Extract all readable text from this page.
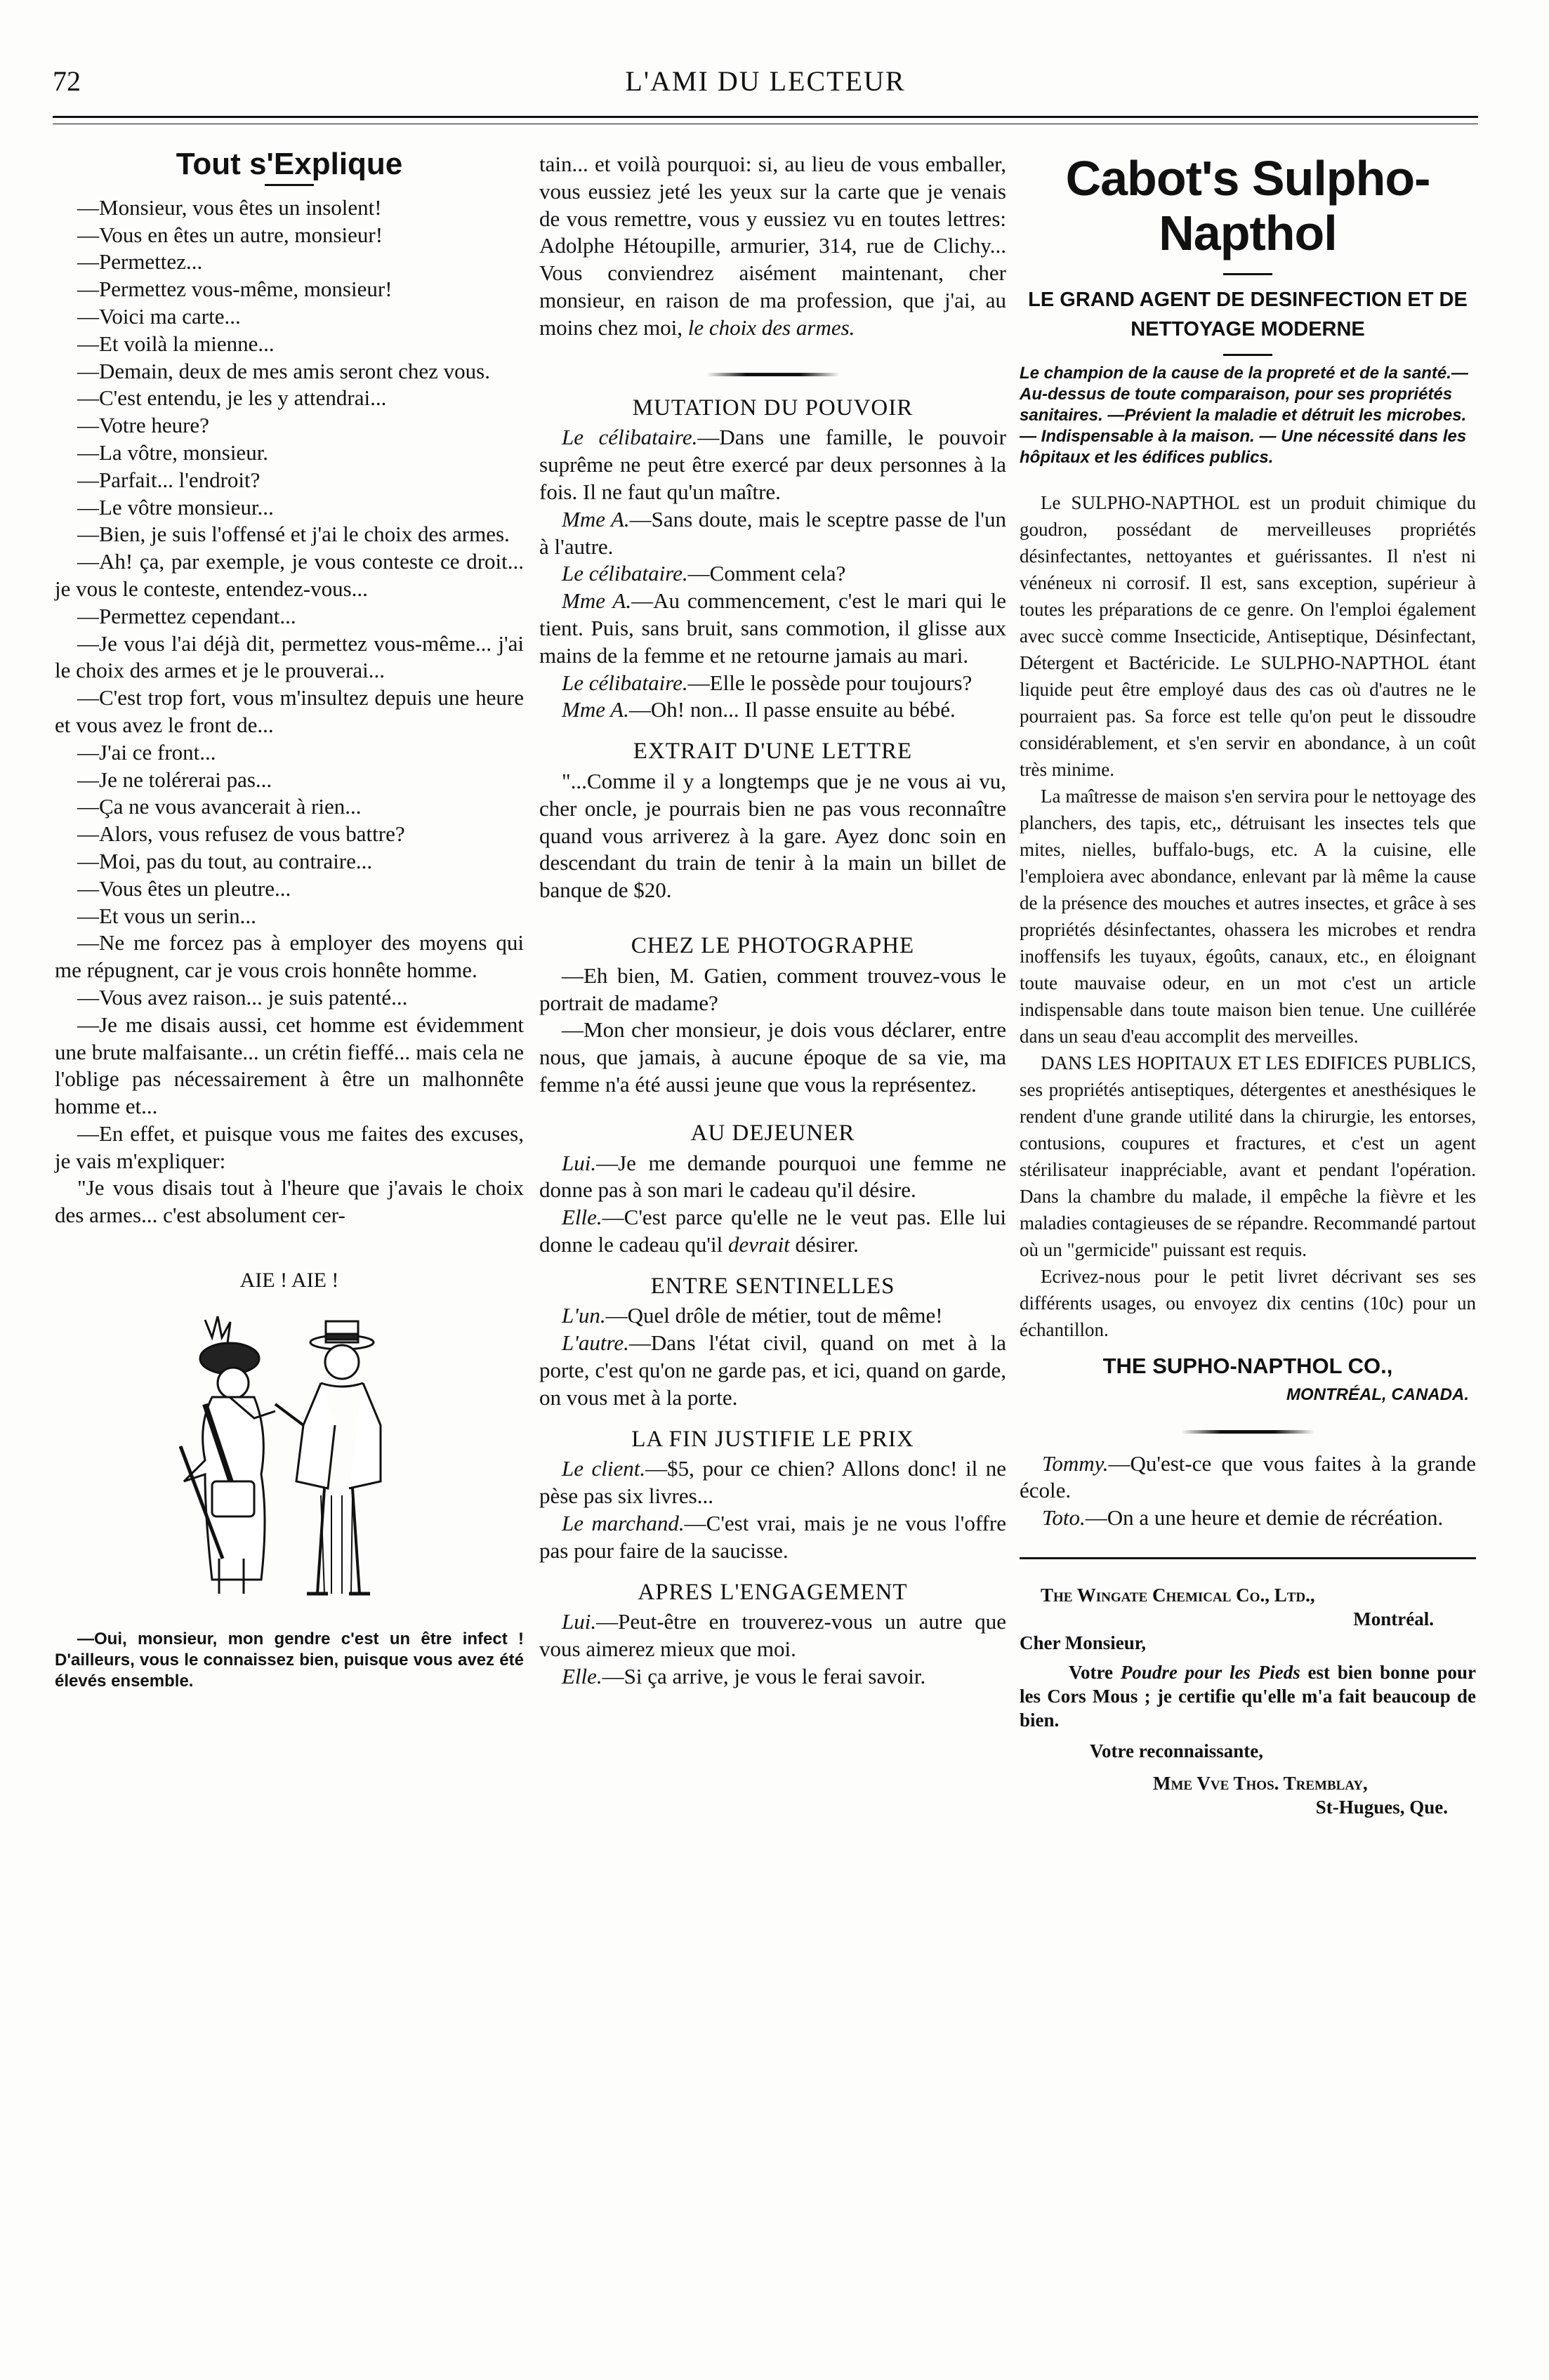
72	L'AMI DU LECTEUR
Tout s'Explique

—Monsieur, vous êtes un insolent!

—Vous en êtes un autre, monsieur!

—Permettez...

—Permettez vous-même, monsieur!

—Voici ma carte...

—Et voilà la mienne...

—Demain, deux de mes amis seront chez vous.

—C'est entendu, je les y attendrai...

—Votre heure?

—La vôtre, monsieur.

—Parfait... l'endroit?

—Le vôtre monsieur...

—Bien, je suis l'offensé et j'ai le choix des armes.

—Ah! ça, par exemple, je vous conteste ce droit... je vous le conteste, entendez-vous...

—Permettez cependant...

—Je vous l'ai déjà dit, permettez vous-même... j'ai le choix des armes et je le prouverai...

—C'est trop fort, vous m'insultez depuis une heure et vous avez le front de...

—J'ai ce front...

—Je ne tolérerai pas...

—Ça ne vous avancerait à rien...

—Alors, vous refusez de vous battre?

—Moi, pas du tout, au contraire...

—Vous êtes un pleutre...

—Et vous un serin...

—Ne me forcez pas à employer des moyens qui me répugnent, car je vous crois honnête homme.

—Vous avez raison... je suis patenté...

—Je me disais aussi, cet homme est évidemment une brute malfaisante... un crétin fieffé... mais cela ne l'oblige pas nécessairement à être un malhonnête homme et...

—En effet, et puisque vous me faites des excuses, je vais m'expliquer:

"Je vous disais tout à l'heure que j'avais le choix des armes... c'est absolument cer-

AIE ! AIE !

—Oui, monsieur, mon gendre c'est un être infect ! D'ailleurs, vous le connaissez bien, puisque vous avez été élevés ensemble.

tain... et voilà pourquoi: si, au lieu de vous emballer, vous eussiez jeté les yeux sur la carte que je venais de vous remettre, vous y eussiez vu en toutes lettres: Adolphe Hétoupille, armurier, 314, rue de Clichy... Vous conviendrez aisément maintenant, cher monsieur, en raison de ma profession, que j'ai, au moins chez moi, le choix des armes.

MUTATION DU POUVOIR

Le célibataire.—Dans une famille, le pouvoir suprême ne peut être exercé par deux personnes à la fois. Il ne faut qu'un maître.

Mme A.—Sans doute, mais le sceptre passe de l'un à l'autre.

Le célibataire.—Comment cela?

Mme A.—Au commencement, c'est le mari qui le tient. Puis, sans bruit, sans commotion, il glisse aux mains de la femme et ne retourne jamais au mari.

Le célibataire.—Elle le possède pour toujours?

Mme A.—Oh! non... Il passe ensuite au bébé.

EXTRAIT D'UNE LETTRE

"...Comme il y a longtemps que je ne vous ai vu, cher oncle, je pourrais bien ne pas vous reconnaître quand vous arriverez à la gare. Ayez donc soin en descendant du train de tenir à la main un billet de banque de $20.

CHEZ LE PHOTOGRAPHE

—Eh bien, M. Gatien, comment trouvez-vous le portrait de madame?

—Mon cher monsieur, je dois vous déclarer, entre nous, que jamais, à aucune époque de sa vie, ma femme n'a été aussi jeune que vous la représentez.

AU DEJEUNER

Lui.—Je me demande pourquoi une femme ne donne pas à son mari le cadeau qu'il désire.

Elle.—C'est parce qu'elle ne le veut pas. Elle lui donne le cadeau qu'il devrait désirer.

ENTRE SENTINELLES

L'un.—Quel drôle de métier, tout de même!

L'autre.—Dans l'état civil, quand on met à la porte, c'est qu'on ne garde pas, et ici, quand on garde, on vous met à la porte.

LA FIN JUSTIFIE LE PRIX

Le client.—$5, pour ce chien? Allons donc! il ne pèse pas six livres...

Le marchand.—C'est vrai, mais je ne vous l'offre pas pour faire de la saucisse.

APRES L'ENGAGEMENT

Lui.—Peut-être en trouverez-vous un autre que vous aimerez mieux que moi.

Elle.—Si ça arrive, je vous le ferai savoir.

Cabot's Sulpho-Napthol
LE GRAND AGENT DE DESINFECTION ET DE NETTOYAGE MODERNE
Le champion de la cause de la propreté et de la santé.—Au-dessus de toute comparaison, pour ses propriétés sanitaires. —Prévient la maladie et détruit les microbes. — Indispensable à la maison. — Une nécessité dans les hôpitaux et les édifices publics.

Le SULPHO-NAPTHOL est un produit chimique du goudron, possédant de merveilleuses propriétés désinfectantes, nettoyantes et guérissantes. Il n'est ni vénéneux ni corrosif. Il est, sans exception, supérieur à toutes les préparations de ce genre. On l'emploi également avec succè comme Insecticide, Antiseptique, Désinfectant, Détergent et Bactéricide. Le SULPHO-NAPTHOL étant liquide peut être employé daus des cas où d'autres ne le pourraient pas. Sa force est telle qu'on peut le dissoudre considérablement, et s'en servir en abondance, à un coût très minime.

La maîtresse de maison s'en servira pour le nettoyage des planchers, des tapis, etc,, détruisant les insectes tels que mites, nielles, buffalo-bugs, etc. A la cuisine, elle l'emploiera avec abondance, enlevant par là même la cause de la présence des mouches et autres insectes, et grâce à ses propriétés désinfectantes, ohassera les microbes et rendra inoffensifs les tuyaux, égoûts, canaux, etc., en éloignant toute mauvaise odeur, en un mot c'est un article indispensable dans toute maison bien tenue. Une cuillérée dans un seau d'eau accomplit des merveilles.

DANS LES HOPITAUX ET LES EDIFICES PUBLICS, ses propriétés antiseptiques, détergentes et anesthésiques le rendent d'une grande utilité dans la chirurgie, les entorses, contusions, coupures et fractures, et c'est un agent stérilisateur inappréciable, avant et pendant l'opération. Dans la chambre du malade, il empêche la fièvre et les maladies contagieuses de se répandre. Recommandé partout où un "germicide" puissant est requis.

Ecrivez-nous pour le petit livret décrivant ses ses différents usages, ou envoyez dix centins (10c) pour un échantillon.

THE SUPHO-NAPTHOL CO.,
MONTRÉAL, CANADA.

Tommy.—Qu'est-ce que vous faites à la grande école.

Toto.—On a une heure et demie de récréation.

The Wingate Chemical Co., Ltd.,
Montréal.
Cher Monsieur,

Votre Poudre pour les Pieds est bien bonne pour les Cors Mous ; je certifie qu'elle m'a fait beaucoup de bien.

Votre reconnaissante,
Mme Vve Thos. Tremblay,
St-Hugues, Que.
